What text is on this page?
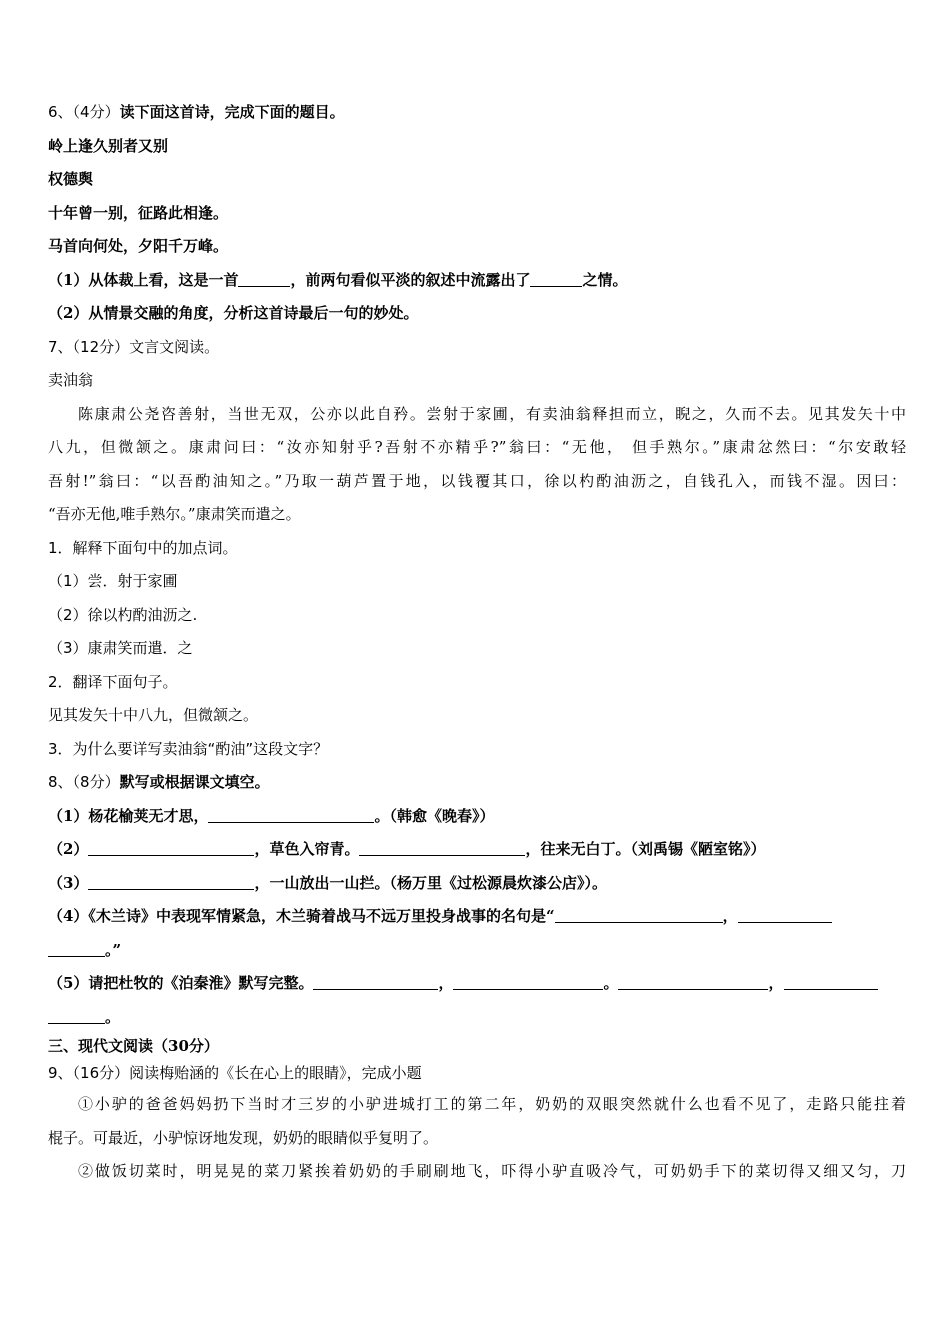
6、（4分）读下面这首诗，完成下面的题目。
岭上逢久别者又别
权德舆
十年曾一别，征路此相逢。
马首向何处，夕阳千万峰。
（1）从体裁上看，这是一首	，前两句看似平淡的叙述中流露出了	之情。
（2）从情景交融的角度，分析这首诗最后一句的妙处。
7、（12分）文言文阅读。
卖油翁
陈康肃公尧咨善射，当世无双，公亦以此自矜。尝射于家圃，有卖油翁释担而立，睨之，久而不去。见其发矢十中
八九，但微颔之。康肃问曰：“汝亦知射乎?吾射不亦精乎?”翁曰：“无他， 但手熟尔。”康肃忿然曰：“尔安敢轻
吾射!”翁曰：“以吾酌油知之。”乃取一葫芦置于地，以钱覆其口，徐以杓酌油沥之，自钱孔入，而钱不湿。因曰：
“吾亦无他,唯手熟尔。”康肃笑而遣之。
1．解释下面句中的加点词。
（1）尝．射于家圃
（2）徐以杓酌油沥之.
（3）康肃笑而遣．之
2．翻译下面句子。
见其发矢十中八九，但微颔之。
3．为什么要详写卖油翁“酌油”这段文字？
8、（8分）默写或根据课文填空。
（1）杨花榆荚无才思，	。（韩愈《晚春》）
（2）	，草色入帘青。	，往来无白丁。（刘禹锡《陋室铭》）
（3）	，一山放出一山拦。（杨万里《过松源晨炊漆公店》）。
（4）《木兰诗》中表现军情紧急，木兰骑着战马不远万里投身战事的名句是“	，
。”
（5）请把杜牧的《泊秦淮》默写完整。	，	。	，
。
三、现代文阅读（30分）
9、（16分）阅读梅贻涵的《长在心上的眼睛》，完成小题
①小驴的爸爸妈妈扔下当时才三岁的小驴进城打工的第二年，奶奶的双眼突然就什么也看不见了，走路只能拄着
棍子。可最近，小驴惊讶地发现，奶奶的眼睛似乎复明了。
②做饭切菜时，明晃晃的菜刀紧挨着奶奶的手刷刷地飞，吓得小驴直吸冷气，可奶奶手下的菜切得又细又匀，刀
